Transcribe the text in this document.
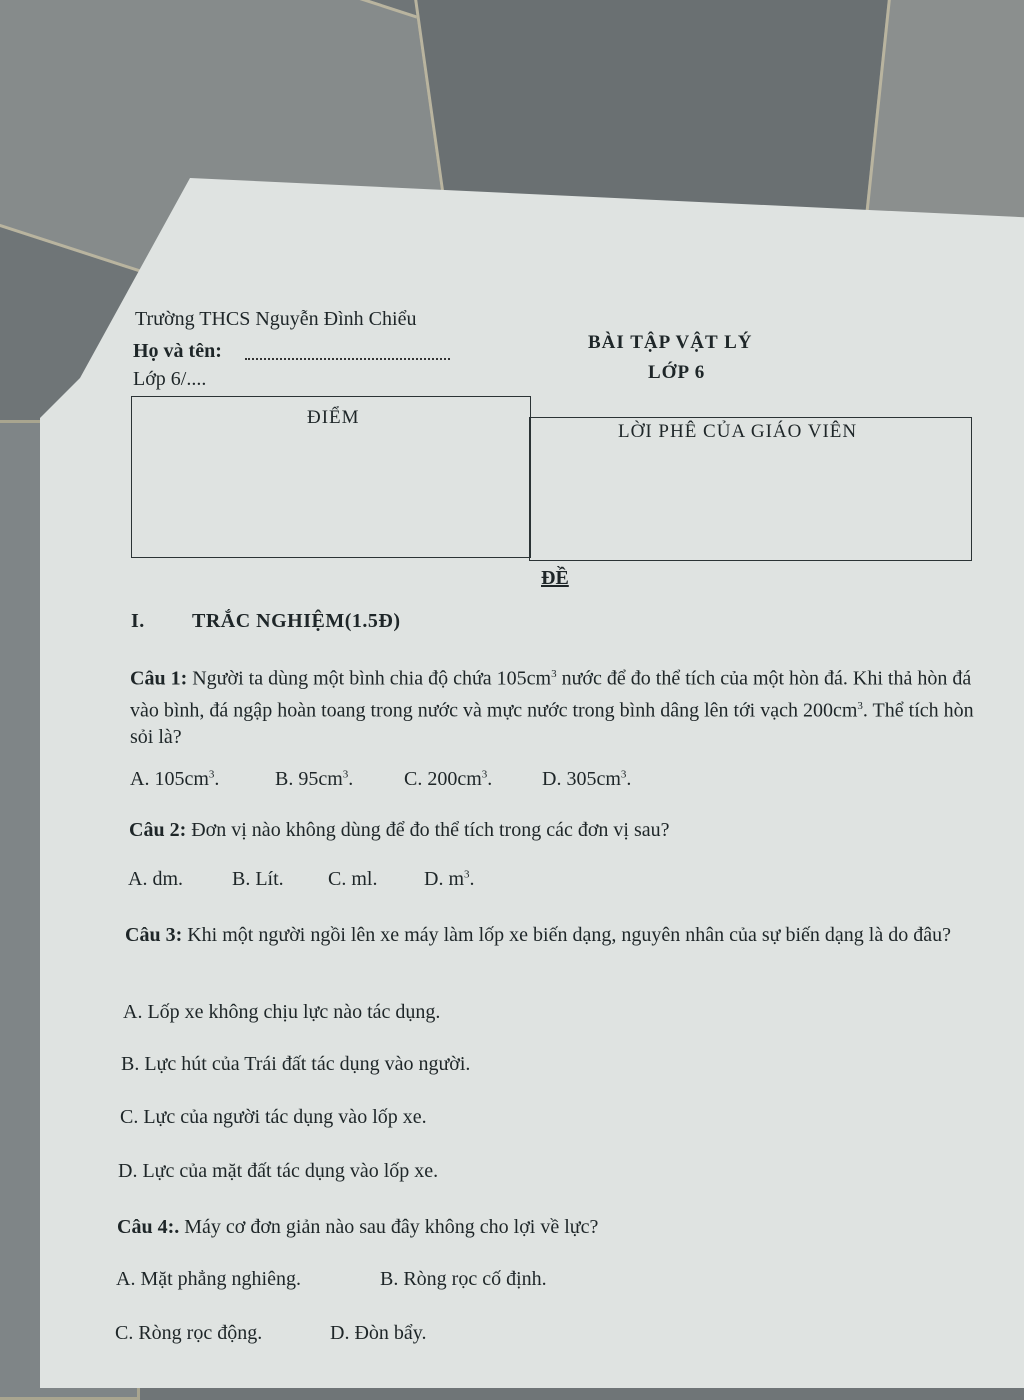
Trường THCS Nguyễn Đình Chiểu
Họ và tên:
Lớp 6/....
BÀI TẬP VẬT LÝ
LỚP 6
ĐIỂM
LỜI PHÊ CỦA GIÁO VIÊN
ĐỀ
I. TRẮC NGHIỆM(1.5Đ)
Câu 1: Người ta dùng một bình chia độ chứa $105cm^3$ nước để đo thể tích của một hòn đá. Khi thả hòn đá vào bình, đá ngập hoàn toang trong nước và mực nước trong bình dâng lên tới vạch $200cm^3$. Thể tích hòn sỏi là?
A. $105cm^3$.	B. $95cm^3$.	C. $200cm^3$. D. $305cm^3$.
Câu 2: Đơn vị nào không dùng để đo thể tích trong các đơn vị sau?
A. dm. B. Lít. C. ml. D. $m^3$.
Câu 3: Khi một người ngồi lên xe máy làm lốp xe biến dạng, nguyên nhân của sự biến dạng là do đâu?
A. Lốp xe không chịu lực nào tác dụng.
B. Lực hút của Trái đất tác dụng vào người.
C. Lực của người tác dụng vào lốp xe.
D. Lực của mặt đất tác dụng vào lốp xe.
Câu 4:. Máy cơ đơn giản nào sau đây không cho lợi về lực?
A. Mặt phẳng nghiêng.	B. Ròng rọc cố định.
C. Ròng rọc động.	D. Đòn bẩy.
